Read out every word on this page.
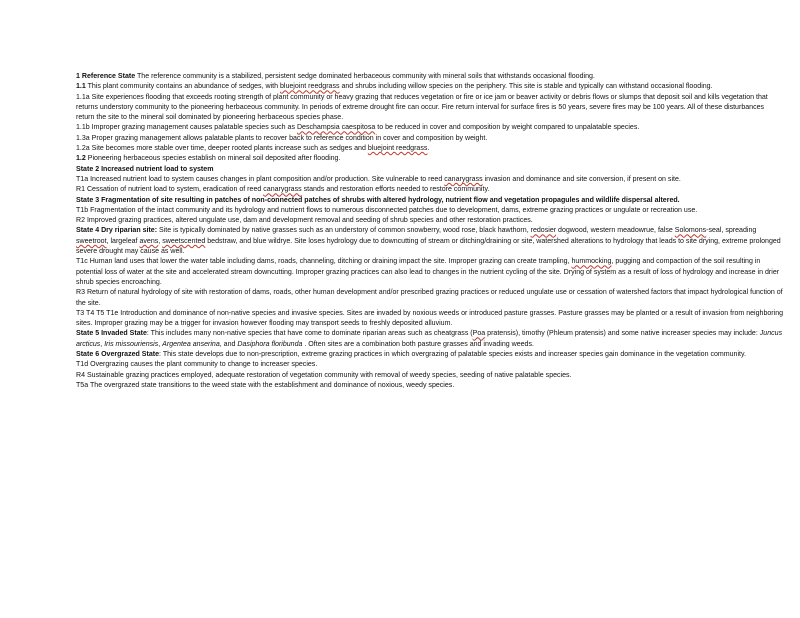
1 Reference State The reference community is a stabilized, persistent sedge dominated herbaceous community with mineral soils that withstands occasional flooding.

1.1 This plant community contains an abundance of sedges, with bluejoint reedgrass and shrubs including willow species on the periphery. This site is stable and typically can withstand occasional flooding.

1.1a Site experiences flooding that exceeds rooting strength of plant community or heavy grazing that reduces vegetation or fire or ice jam or beaver activity or debris flows or slumps that deposit soil and kills vegetation that returns understory community to the pioneering herbaceous community. In periods of extreme drought fire can occur. Fire return interval for surface fires is 50 years, severe fires may be 100 years. All of these disturbances return the site to the mineral soil dominated by pioneering herbaceous species phase.

1.1b Improper grazing management causes palatable species such as Deschampsia caespitosa to be reduced in cover and composition by weight compared to unpalatable species.

1.3a Proper grazing management allows palatable plants to recover back to reference condition in cover and composition by weight.

1.2a Site becomes more stable over time, deeper rooted plants increase such as sedges and bluejoint reedgrass.

1.2 Pioneering herbaceous species establish on mineral soil deposited after flooding.

State 2 Increased nutrient load to system

T1a Increased nutrient load to system causes changes in plant composition and/or production. Site vulnerable to reed canarygrass invasion and dominance and site conversion, if present on site.

R1 Cessation of nutrient load to system, eradication of reed canarygrass stands and restoration efforts needed to restore community.

State 3 Fragmentation of site resulting in patches of non-connected patches of shrubs with altered hydrology, nutrient flow and vegetation propagules and wildlife dispersal altered.

T1b Fragmentation of the intact community and its hydrology and nutrient flows to numerous disconnected patches due to development, dams, extreme grazing practices or ungulate or recreation use.

R2 Improved grazing practices, altered ungulate use, dam and development removal and seeding of shrub species and other restoration practices.

State 4 Dry riparian site: Site is typically dominated by native grasses such as an understory of common snowberry, wood rose, black hawthorn, redosier dogwood, western meadowrue, false Solomons-seal, spreading sweetroot, largeleaf avens, sweetscented bedstraw, and blue wildrye. Site loses hydrology due to downcutting of stream or ditching/draining or site, watershed alterations to hydrology that leads to site drying, extreme prolonged severe drought may cause as well.

T1c Human land uses that lower the water table including dams, roads, channeling, ditching or draining impact the site. Improper grazing can create trampling, hummocking, pugging and compaction of the soil resulting in potential loss of water at the site and accelerated stream downcutting. Improper grazing practices can also lead to changes in the nutrient cycling of the site. Drying of system as a result of loss of hydrology and increase in drier shrub species encroaching.

R3 Return of natural hydrology of site with restoration of dams, roads, other human development and/or prescribed grazing practices or reduced ungulate use or cessation of watershed factors that impact hydrological function of the site.

T3 T4 T5 T1e Introduction and dominance of non-native species and invasive species. Sites are invaded by noxious weeds or introduced pasture grasses. Pasture grasses may be planted or a result of invasion from neighboring sites. Improper grazing may be a trigger for invasion however flooding may transport seeds to freshly deposited alluvium.

State 5 Invaded State: This includes many non-native species that have come to dominate riparian areas such as cheatgrass (Poa pratensis), timothy (Phleum pratensis) and some native increaser species may include: Juncus arcticus, Iris missouriensis, Argentea anserina, and Dasiphora floribunda . Often sites are a combination both pasture grasses and invading weeds.

State 6 Overgrazed State: This state develops due to non-prescription, extreme grazing practices in which overgrazing of palatable species exists and increaser species gain dominance in the vegetation community.

T1d Overgrazing causes the plant community to change to increaser species.

R4 Sustainable grazing practices employed, adequate restoration of vegetation community with removal of weedy species, seeding of native palatable species.

T5a The overgrazed state transitions to the weed state with the establishment and dominance of noxious, weedy species.
